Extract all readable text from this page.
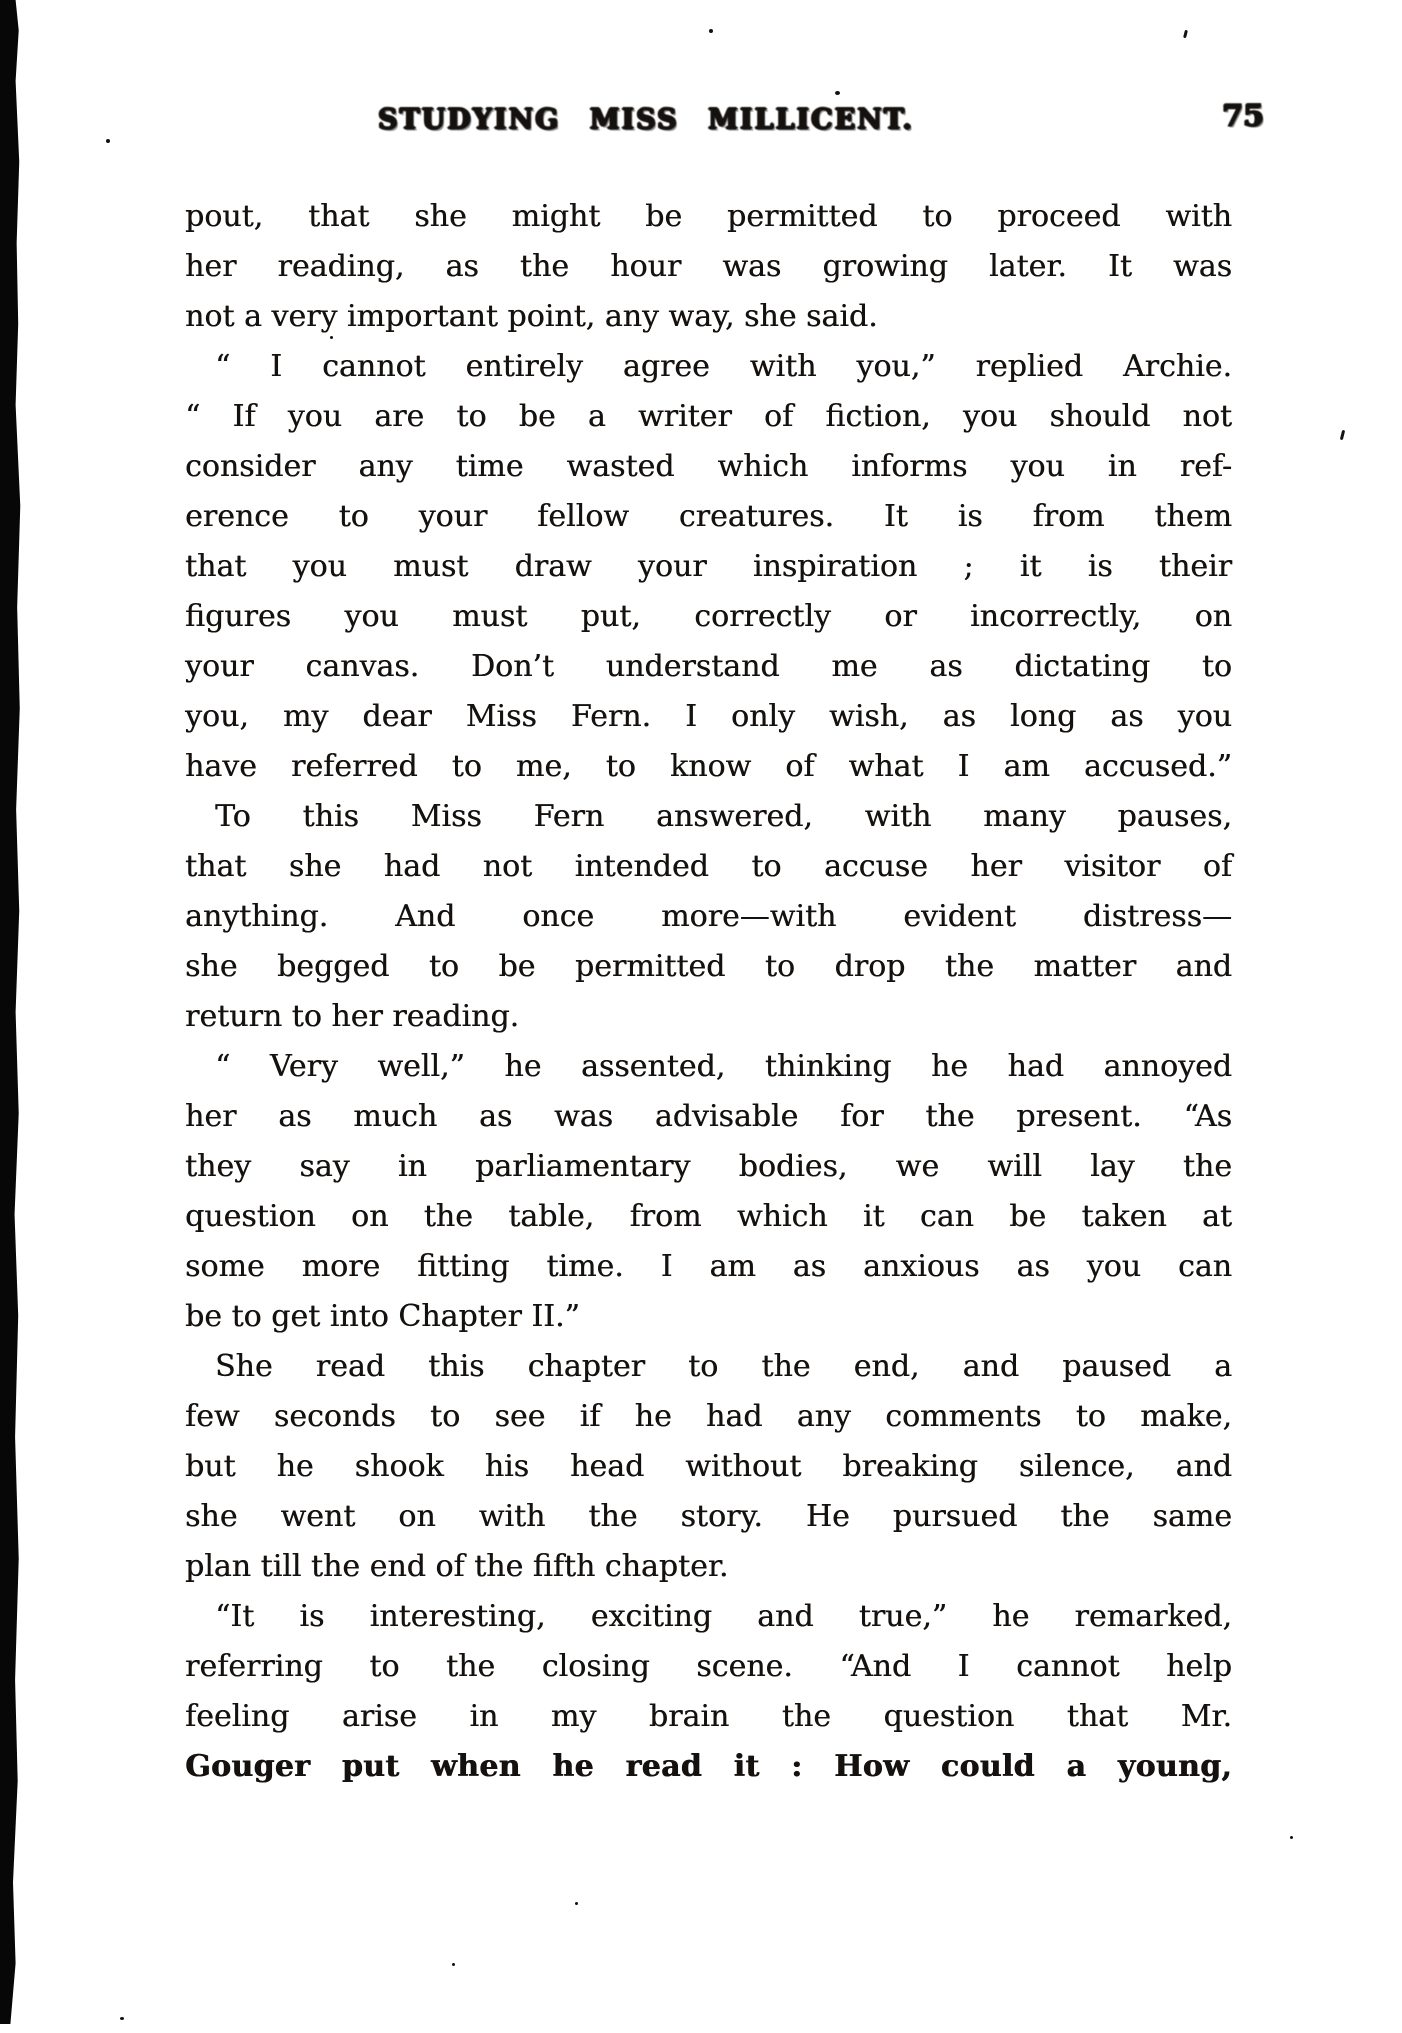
STUDYING MISS MILLICENT.	75
pout, that she might be permitted to proceed with
her reading, as the hour was growing later. It was
not a very important point, any way, she said.
“ I cannot entirely agree with you,” replied Archie.
“ If you are to be a writer of fiction, you should not
consider any time wasted which informs you in ref-
erence to your fellow creatures. It is from them
that you must draw your inspiration ; it is their
figures you must put, correctly or incorrectly, on
your canvas. Don’t understand me as dictating to
you, my dear Miss Fern. I only wish, as long as you
have referred to me, to know of what I am accused.”
To this Miss Fern answered, with many pauses,
that she had not intended to accuse her visitor of
anything. And once more—with evident distress—
she begged to be permitted to drop the matter and
return to her reading.
“ Very well,” he assented, thinking he had annoyed
her as much as was advisable for the present. “As
they say in parliamentary bodies, we will lay the
question on the table, from which it can be taken at
some more fitting time. I am as anxious as you can
be to get into Chapter II.”
She read this chapter to the end, and paused a
few seconds to see if he had any comments to make,
but he shook his head without breaking silence, and
she went on with the story. He pursued the same
plan till the end of the fifth chapter.
“It is interesting, exciting and true,” he remarked,
referring to the closing scene. “And I cannot help
feeling arise in my brain the question that Mr.
Gouger put when he read it : How could a young,
